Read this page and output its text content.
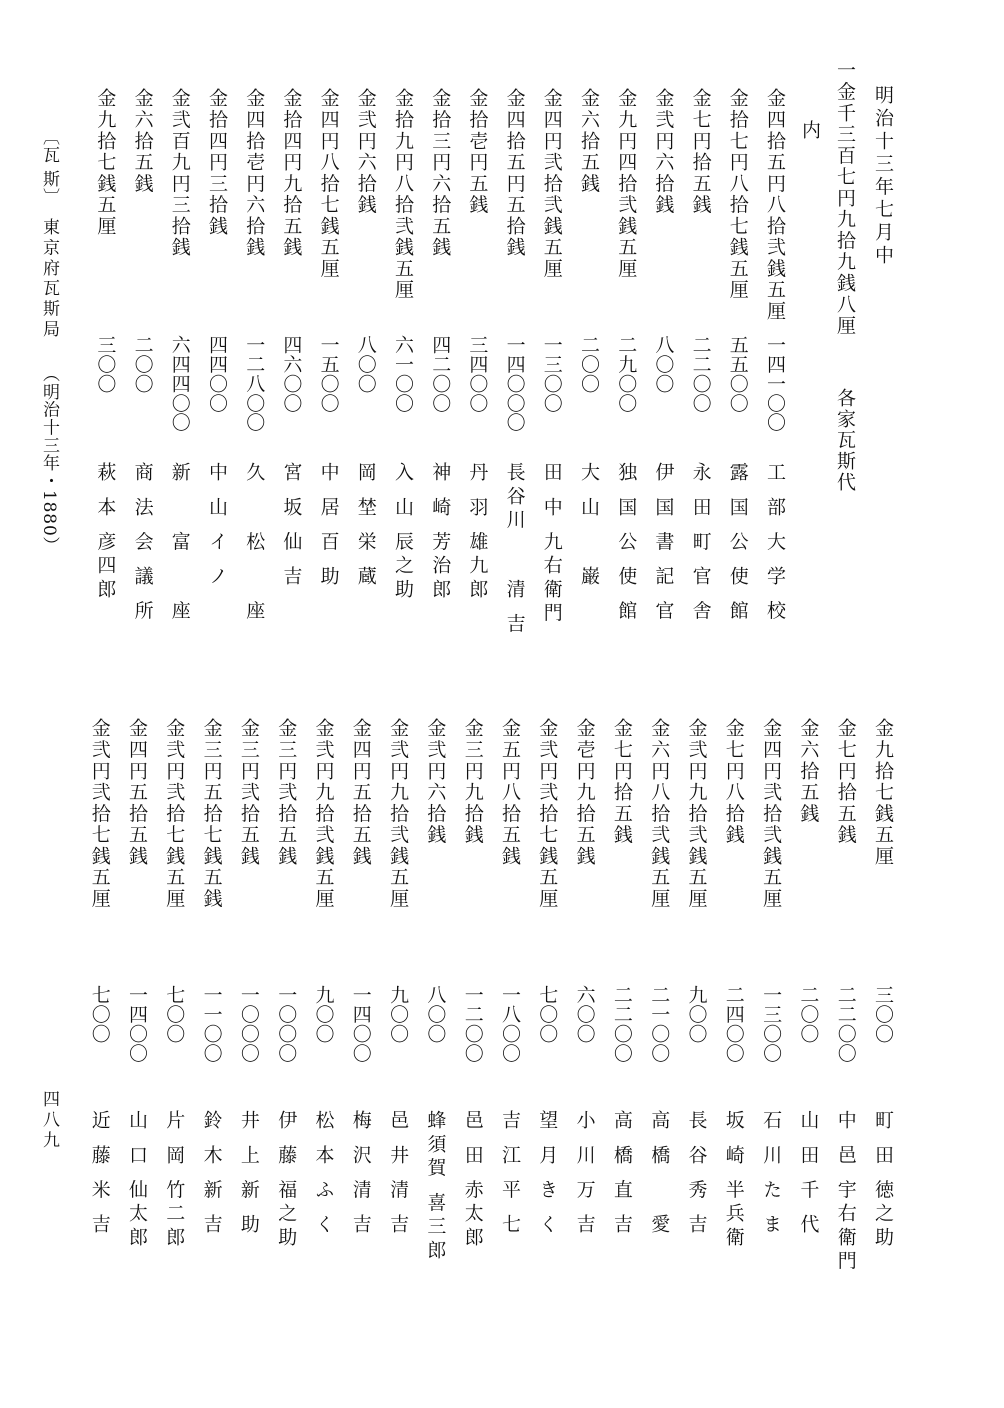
明治十三年七月中
一金千三百七円九拾九銭八厘
内
各家瓦斯代
金四拾五円八拾弐銭五厘
一四一〇〇
工 部 大 学 校
金拾七円八拾七銭五厘
五五〇〇
露 国 公 使 館
金七円拾五銭
二二〇〇
永 田 町 官 舎
金弐円六拾銭
八〇〇
伊 国 書 記 官
金九円四拾弐銭五厘
二九〇〇
独 国 公 使 館
金六拾五銭
二〇〇
大 山 　 巌
金四円弐拾弐銭五厘
一三〇〇
田 中 九右衛門
金四拾五円五拾銭
一四〇〇〇
長谷川 　 清 吉
金拾壱円五銭
三四〇〇
丹 羽 雄九郎
金拾三円六拾五銭
四二〇〇
神 崎 芳治郎
金拾九円八拾弐銭五厘
六一〇〇
入 山 辰之助
金弐円六拾銭
八〇〇
岡 埜 栄 蔵
金四円八拾七銭五厘
一五〇〇
中 居 百 助
金拾四円九拾五銭
四六〇〇
宮 坂 仙 吉
金四拾壱円六拾銭
一二八〇〇
久 　 松 　 座
金拾四円三拾銭
四四〇〇
中 山 イ ノ
金弐百九円三拾銭
六四四〇〇
新 　 富 　 座
金六拾五銭
二〇〇
商 法 会 議 所
金九拾七銭五厘
三〇〇
萩 本 彦四郎
金九拾七銭五厘
三〇〇
町 田 徳之助
金七円拾五銭
二二〇〇
中 邑 宇右衛門
金六拾五銭
二〇〇
山 田 千 代
金四円弐拾弐銭五厘
一三〇〇
石 川 た ま
金七円八拾銭
二四〇〇
坂 崎 半兵衛
金弐円九拾弐銭五厘
九〇〇
長 谷 秀 吉
金六円八拾弐銭五厘
二一〇〇
高 橋 　 愛
金七円拾五銭
二二〇〇
高 橋 直 吉
金壱円九拾五銭
六〇〇
小 川 万 吉
金弐円弐拾七銭五厘
七〇〇
望 月 き く
金五円八拾五銭
一八〇〇
吉 江 平 七
金三円九拾銭
一二〇〇
邑 田 赤太郎
金弐円六拾銭
八〇〇
蜂須賀 喜三郎
金弐円九拾弐銭五厘
九〇〇
邑 井 清 吉
金四円五拾五銭
一四〇〇
梅 沢 清 吉
金弐円九拾弐銭五厘
九〇〇
松 本 ふ く
金三円弐拾五銭
一〇〇〇
伊 藤 福之助
金三円弐拾五銭
一〇〇〇
井 上 新 助
金三円五拾七銭五銭
一一〇〇
鈴 木 新 吉
金弐円弐拾七銭五厘
七〇〇
片 岡 竹二郎
金四円五拾五銭
一四〇〇
山 口 仙太郎
金弐円弐拾七銭五厘
七〇〇
近 藤 米 吉
〔瓦 斯〕
東京府瓦斯局
（明治十三年・1880）
四八九
